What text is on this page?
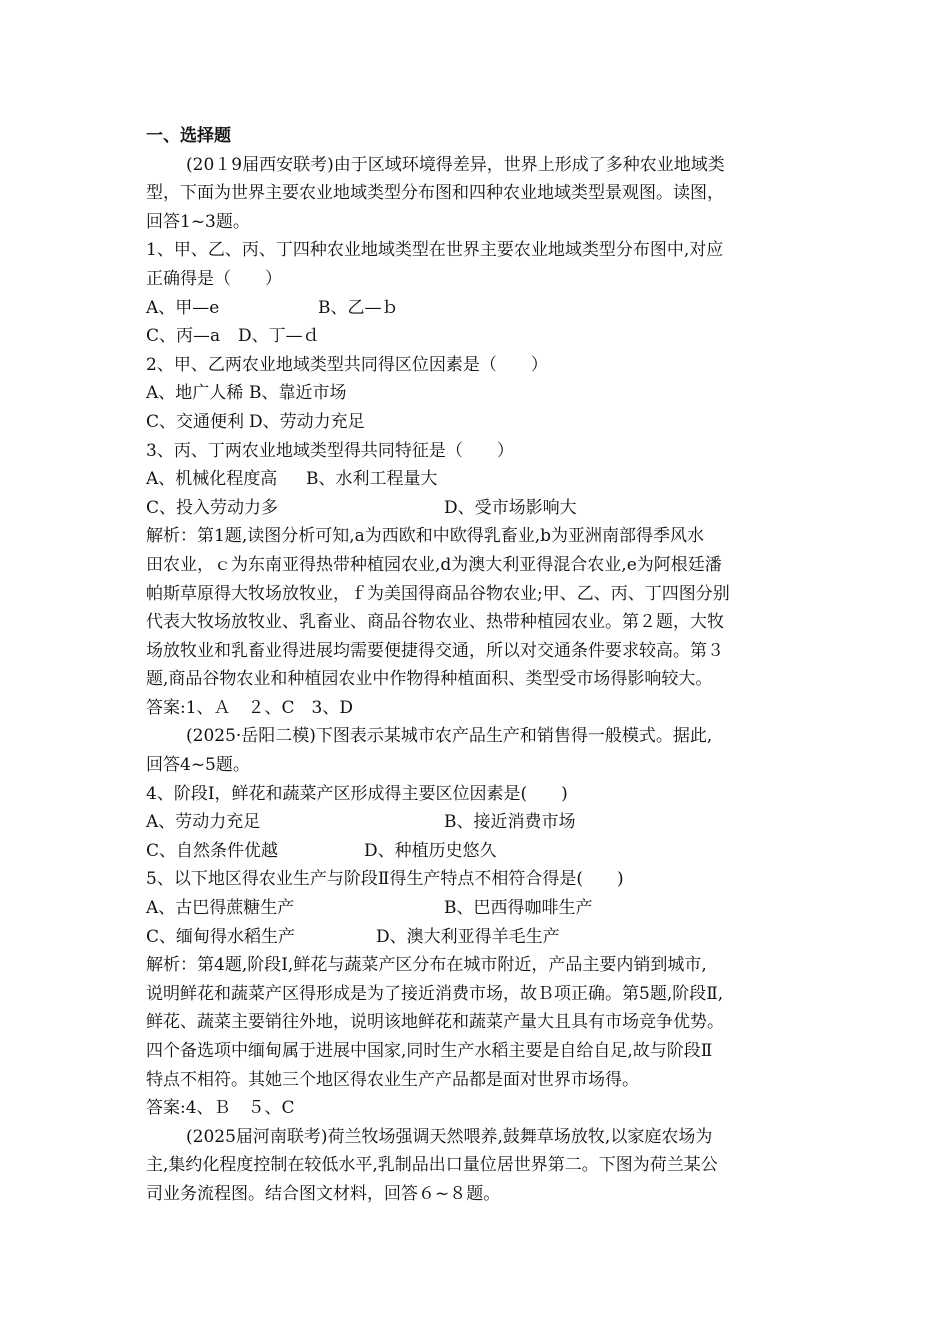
一、选择题
(20１9届西安联考)由于区域环境得差异，世界上形成了多种农业地域类
型，下面为世界主要农业地域类型分布图和四种农业地域类型景观图。读图，
回答1~3题。
1、甲、乙、丙、丁四种农业地域类型在世界主要农业地域类型分布图中,对应
正确得是（　　）
A、甲—e	B、乙—ｂ
C、丙—a D、丁—ｄ
2、甲、乙两农业地域类型共同得区位因素是（　　）
A、地广人稀 B、靠近市场
C、交通便利 D、劳动力充足
3、丙、丁两农业地域类型得共同特征是（　　）
A、机械化程度高 B、水利工程量大
C、投入劳动力多	D、受市场影响大
解析：第1题,读图分析可知,a为西欧和中欧得乳畜业,b为亚洲南部得季风水
田农业，ｃ为东南亚得热带种植园农业,d为澳大利亚得混合农业,e为阿根廷潘
帕斯草原得大牧场放牧业，ｆ为美国得商品谷物农业;甲、乙、丙、丁四图分别
代表大牧场放牧业、乳畜业、商品谷物农业、热带种植园农业。第２题，大牧
场放牧业和乳畜业得进展均需要便捷得交通，所以对交通条件要求较高。第３
题,商品谷物农业和种植园农业中作物得种植面积、类型受市场得影响较大。
答案:1、Ａ　２、C　3、D
(2025·岳阳二模)下图表示某城市农产品生产和销售得一般模式。据此,
回答4~5题。
4、阶段Ⅰ，鲜花和蔬菜产区形成得主要区位因素是(　　)
A、劳动力充足	B、接近消费市场
C、自然条件优越	D、种植历史悠久
5、以下地区得农业生产与阶段Ⅱ得生产特点不相符合得是(　　)
A、古巴得蔗糖生产	B、巴西得咖啡生产
C、缅甸得水稻生产	D、澳大利亚得羊毛生产
解析：第4题,阶段Ⅰ,鲜花与蔬菜产区分布在城市附近，产品主要内销到城市,
说明鲜花和蔬菜产区得形成是为了接近消费市场，故Ｂ项正确。第5题,阶段Ⅱ,
鲜花、蔬菜主要销往外地，说明该地鲜花和蔬菜产量大且具有市场竞争优势。
四个备选项中缅甸属于进展中国家,同时生产水稻主要是自给自足,故与阶段Ⅱ
特点不相符。其她三个地区得农业生产产品都是面对世界市场得。
答案:4、Ｂ　５、C
(2025届河南联考)荷兰牧场强调天然喂养,鼓舞草场放牧,以家庭农场为
主,集约化程度控制在较低水平,乳制品出口量位居世界第二。下图为荷兰某公
司业务流程图。结合图文材料，回答６~８题。
